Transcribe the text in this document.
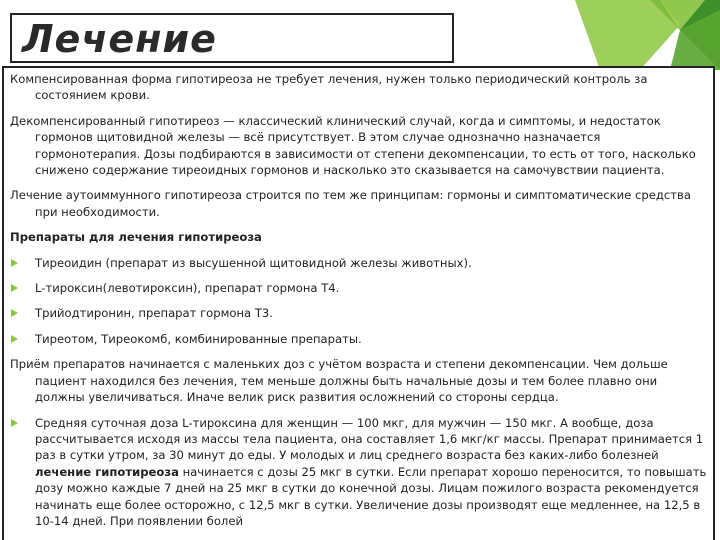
Лечение

Компенсированная форма гипотиреоза не требует лечения, нужен только периодический контроль за состоянием крови.

Декомпенсированный гипотиреоз — классический клинический случай, когда и симптомы, и недостаток гормонов щитовидной железы — всё присутствует. В этом случае однозначно назначается гормонотерапия. Дозы подбираются в зависимости от степени декомпенсации, то есть от того, насколько снижено содержание тиреоидных гормонов и насколько это сказывается на самочувствии пациента.

Лечение аутоиммунного гипотиреоза строится по тем же принципам: гормоны и симптоматические средства при необходимости.

Препараты для лечения гипотиреоза

Тиреоидин (препарат из высушенной щитовидной железы животных).
L-тироксин(левотироксин), препарат гормона Т4.
Трийодтиронин, препарат гормона Т3.
Тиреотом, Тиреокомб, комбинированные препараты.

Приём препаратов начинается с маленьких доз с учётом возраста и степени декомпенсации. Чем дольше пациент находился без лечения, тем меньше должны быть начальные дозы и тем более плавно они должны увеличиваться. Иначе велик риск развития осложнений со стороны сердца.

Средняя суточная доза L-тироксина для женщин — 100 мкг, для мужчин — 150 мкг. А вообще, доза рассчитывается исходя из массы тела пациента, она составляет 1,6 мкг/кг массы. Препарат принимается 1 раз в сутки утром, за 30 минут до еды. У молодых и лиц среднего возраста без каких-либо болезней лечение гипотиреоза начинается с дозы 25 мкг в сутки. Если препарат хорошо переносится, то повышать дозу можно каждые 7 дней на 25 мкг в сутки до конечной дозы. Лицам пожилого возраста рекомендуется начинать еще более осторожно, с 12,5 мкг в сутки. Увеличение дозы производят еще медленнее, на 12,5 в 10-14 дней. При появлении болей
